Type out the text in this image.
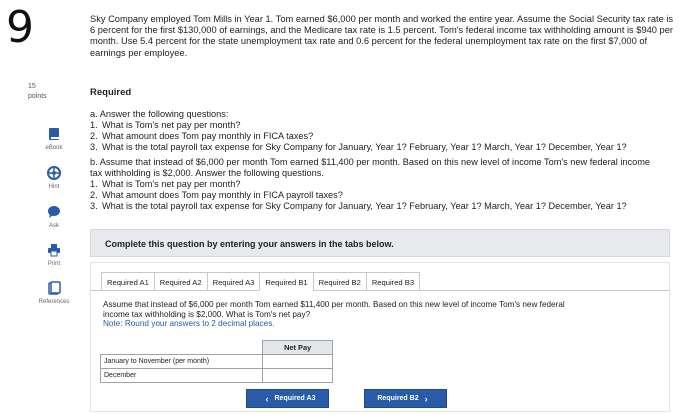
9
15
points
eBook
Hint
Ask
Print
References
Sky Company employed Tom Mills in Year 1. Tom earned $6,000 per month and worked the entire year. Assume the Social Security tax rate is 6 percent for the first $130,000 of earnings, and the Medicare tax rate is 1.5 percent. Tom's federal income tax withholding amount is $940 per month. Use 5.4 percent for the state unemployment tax rate and 0.6 percent for the federal unemployment tax rate on the first $7,000 of earnings per employee.
Required
a. Answer the following questions:
1. What is Tom's net pay per month?
2. What amount does Tom pay monthly in FICA taxes?
3. What is the total payroll tax expense for Sky Company for January, Year 1? February, Year 1? March, Year 1? December, Year 1?
b. Assume that instead of $6,000 per month Tom earned $11,400 per month. Based on this new level of income Tom's new federal income tax withholding is $2,000. Answer the following questions.
1. What is Tom's net pay per month?
2. What amount does Tom pay monthly in FICA payroll taxes?
3. What is the total payroll tax expense for Sky Company for January, Year 1? February, Year 1? March, Year 1? December, Year 1?
Complete this question by entering your answers in the tabs below.
Required A1	Required A2	Required A3	Required B1	Required B2	Required B3
Assume that instead of $6,000 per month Tom earned $11,400 per month. Based on this new level of income Tom's new federal income tax withholding is $2,000. What is Tom's net pay?
Note: Round your answers to 2 decimal places.
	Net Pay
January to November (per month)	
December	
‹ Required A3	Required B2 ›
